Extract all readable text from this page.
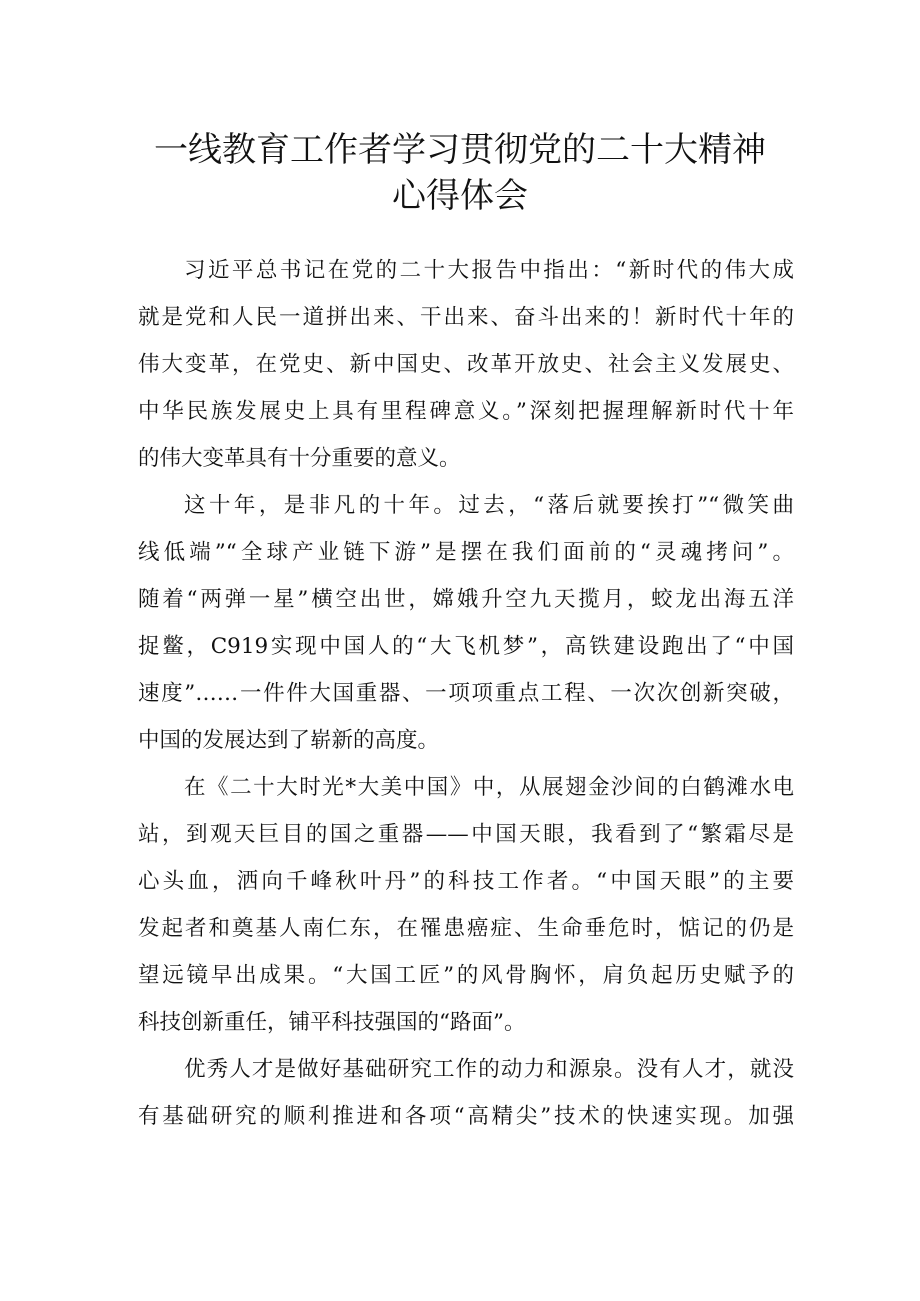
一线教育工作者学习贯彻党的二十大精神
心得体会
习近平总书记在党的二十大报告中指出：“新时代的伟大成
就是党和人民一道拼出来、干出来、奋斗出来的！新时代十年的
伟大变革，在党史、新中国史、改革开放史、社会主义发展史、
中华民族发展史上具有里程碑意义。”深刻把握理解新时代十年
的伟大变革具有十分重要的意义。
这十年，是非凡的十年。过去，“落后就要挨打”“微笑曲
线低端”“全球产业链下游”是摆在我们面前的“灵魂拷问”。
随着“两弹一星”横空出世，嫦娥升空九天揽月，蛟龙出海五洋
捉鳖，C919实现中国人的“大飞机梦”，高铁建设跑出了“中国
速度”……一件件大国重器、一项项重点工程、一次次创新突破，
中国的发展达到了崭新的高度。
在《二十大时光*大美中国》中，从展翅金沙间的白鹤滩水电
站，到观天巨目的国之重器——中国天眼，我看到了“繁霜尽是
心头血，洒向千峰秋叶丹”的科技工作者。“中国天眼”的主要
发起者和奠基人南仁东，在罹患癌症、生命垂危时，惦记的仍是
望远镜早出成果。“大国工匠”的风骨胸怀，肩负起历史赋予的
科技创新重任，铺平科技强国的“路面”。
优秀人才是做好基础研究工作的动力和源泉。没有人才，就没
有基础研究的顺利推进和各项“高精尖”技术的快速实现。加强
